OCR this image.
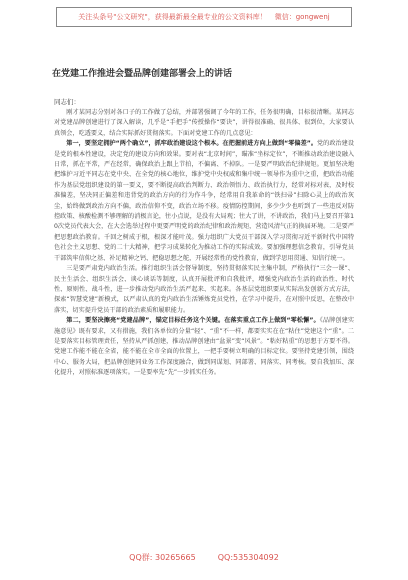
关注头条号"公文研究"，获得最新最全最专业的公文资料库！ 微信：gongwenj
在党建工作推进会暨品牌创建部署会上的讲话
同志们：

刚才某同志分别对各口子的工作做了总结，并部署强调了今年的工作，任务很明确，目标很清晰。某同志对党建品牌创建进行了深入解读，几乎是“手把手”传授操作“要诀”，讲得很准确、很具体、很到位，大家要认真领会，吃透要义，结合实际抓好贯彻落实。下面对党建工作的几点意见：

第一，要坚定拥护“两个确立”，抓牢政治建设这个根本。在把握前进方向上做到“零偏差”。党的政治建设是党的根本性建设，决定党的建设方向和效果。要对表“北京时间”，瞄准“坐标定位”，不断推动政治建设融入日常，抓在平常，严在经常，确保政治上跟上节拍，不偏离、不掉队。一是要严明政治纪律规矩。更加坚决地把维护习近平同志在党中央、在全党的核心地位，维护党中央权威和集中统一领导作为重中之重，把政治功能作为基层党组织建设的第一要义，要不断提高政治判断力、政治领悟力、政治执行力，经常对标对表，及时校准偏差，坚决同正偏差和违背党的政治方向的行为作斗争，经常用自我革命的“铁扫帚”扫除心灵上的政治灰尘，始终做到政治方向不偏，政治信仰不变，政治立场不移。疫情防控期间，多少少少也听到了一些违反对防控政策、核酸检测不够理解的消极言论，往小点说，是没有大局观；往大了讲，不讲政治，我们马上要召开第10次党员代表大会，在大会选举过程中更要严明党的政治纪律和政治规矩，营造风清气正的换届环境。二是要严把思想政治教育。千回之树成于根，根深才能叶茂。强力组织广大党员干部深入学习贯彻习近平新时代中国特色社会主义思想、党的二十大精神，把学习成果转化为推动工作的实际成效。要加强理想信念教育，引导党员干部筑牢信仰之基、补足精神之钙、把稳思想之舵，开展经常性的党性教育，做到学思用贯通、知信行统一。

三是要严肃党内政治生活。推行组织生活会督导制度，坚持贯彻落实民主集中制，严格执行“三会一课”、民主生活会、组织生活会、谈心谈话等制度，认真开展批评和自我批评，增强党内政治生活的政治性、时代性、原则性、战斗性，进一步推动党内政治生活严起来、实起来。各基层党组织要从实际出发创新方式方法，探索“智慧党建”新模式，以严肃认真的党内政治生活锤炼党员党性，在学习中提升，在对照中反思，在整改中落实，切实提升党员干部的政治素质和履职能力。

第二，要坚决擦亮“党建品牌”，锚定目标任务这个关键。在落实重点工作上做到“零松懈”。《品牌创建实施意见》既有要求，又有措施，我们各单位的分量“轻”、“重”不一样，都要实实在在“粘住”党建这个“重”。二是要落实目标管理责任，坚持从严抓创建，推动品牌创建由“盆景”变“风景”。“粘好粘重”的思想于方要不得。党建工作能不能在全省，能不能在全市全面的位置上，一把手要树立明确的目标定位。要坚持党建引领，围绕中心、服务大局，把品牌创建同业务工作深度融合，做到同谋划、同部署、同落实、同考核。要自我加压、深化提升，对照标准逐项落实。一是要率先“先”一步抓实任务。

QQ群: 30265665	QQ:535304092
